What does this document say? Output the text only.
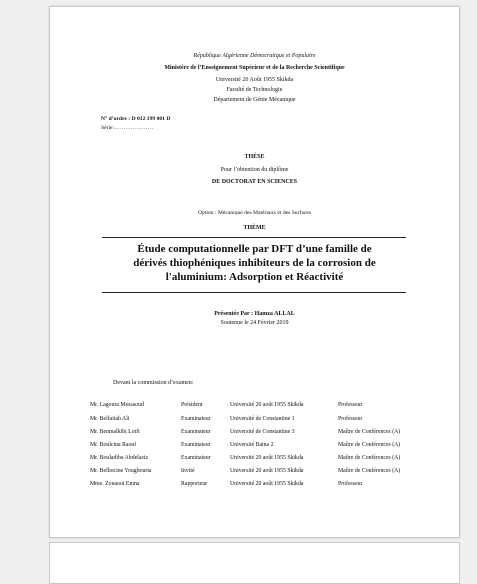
République Algérienne Démocratique et Populaire
Ministère de l’Enseignement Supérieur et de la Recherche Scientifique
Université 20 Août 1955 Skikda
Faculté de Technologie
Département de Génie Mécanique
N° d’ordre : D 012 199 001 D
Série:…………………
THÈSE
Pour l’obtention du diplôme
DE DOCTORAT EN SCIENCES
Option : Mécanique des Matériaux et des Surfaces
THÈME
Étude computationnelle par DFT d’une famille de
dérivés thiophéniques inhibiteurs de la corrosion de
l'aluminium: Adsorption et Réactivité
Présentée Par : Hamza ALLAL
Soutenue le 24 Février 2019
Devant la commission d’examen:
Mr. Lagoura Messaoud	Président	Université 20 août 1955 Skikda	Professeur
Mr. Belfaitah Ali	Examinateur	Université de Constantine 1	Professeur
Mr. Benmalkibi Lotfi	Examinateur	Université de Constantine 3	Maître de Conférences (A)
Mr. Boulcina Raouf	Examinateur	Université Batna 2	Maître de Conférences (A)
Mr. Bouladiba Abdelaziz	Examinateur	Université 20 août 1955 Skikda	Maître de Conférences (A)
Mr. Belhocine Youghourta	Invité	Université 20 août 1955 Skikda	Maître de Conférences (A)
Mme. Zouaoui Emna	Rapporteur	Université 20 août 1955 Skikda	Professeur
